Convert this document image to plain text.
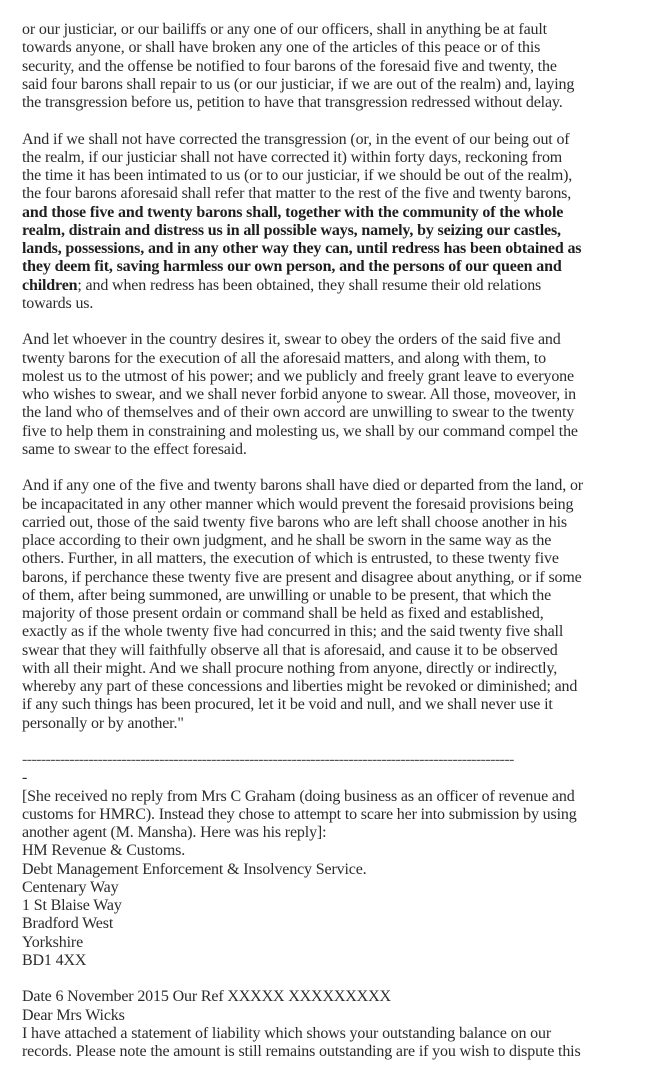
or our justiciar, or our bailiffs or any one of our officers, shall in anything be at fault
towards anyone, or shall have broken any one of the articles of this peace or of this
security, and the offense be notified to four barons of the foresaid five and twenty, the
said four barons shall repair to us (or our justiciar, if we are out of the realm) and, laying
the transgression before us, petition to have that transgression redressed without delay.
And if we shall not have corrected the transgression (or, in the event of our being out of
the realm, if our justiciar shall not have corrected it) within forty days, reckoning from
the time it has been intimated to us (or to our justiciar, if we should be out of the realm),
the four barons aforesaid shall refer that matter to the rest of the five and twenty barons,
and those five and twenty barons shall, together with the community of the whole
realm, distrain and distress us in all possible ways, namely, by seizing our castles,
lands, possessions, and in any other way they can, until redress has been obtained as
they deem fit, saving harmless our own person, and the persons of our queen and
children; and when redress has been obtained, they shall resume their old relations
towards us.
And let whoever in the country desires it, swear to obey the orders of the said five and
twenty barons for the execution of all the aforesaid matters, and along with them, to
molest us to the utmost of his power; and we publicly and freely grant leave to everyone
who wishes to swear, and we shall never forbid anyone to swear. All those, moveover, in
the land who of themselves and of their own accord are unwilling to swear to the twenty
five to help them in constraining and molesting us, we shall by our command compel the
same to swear to the effect foresaid.
And if any one of the five and twenty barons shall have died or departed from the land, or
be incapacitated in any other manner which would prevent the foresaid provisions being
carried out, those of the said twenty five barons who are left shall choose another in his
place according to their own judgment, and he shall be sworn in the same way as the
others. Further, in all matters, the execution of which is entrusted, to these twenty five
barons, if perchance these twenty five are present and disagree about anything, or if some
of them, after being summoned, are unwilling or unable to be present, that which the
majority of those present ordain or command shall be held as fixed and established,
exactly as if the whole twenty five had concurred in this; and the said twenty five shall
swear that they will faithfully observe all that is aforesaid, and cause it to be observed
with all their might. And we shall procure nothing from anyone, directly or indirectly,
whereby any part of these concessions and liberties might be revoked or diminished; and
if any such things has been procured, let it be void and null, and we shall never use it
personally or by another."
--------------------------------------------------------------------------------------------------------
-
[She received no reply from Mrs C Graham (doing business as an officer of revenue and
customs for HMRC). Instead they chose to attempt to scare her into submission by using
another agent (M. Mansha). Here was his reply]:
HM Revenue & Customs.
Debt Management Enforcement & Insolvency Service.
Centenary Way
1 St Blaise Way
Bradford West
Yorkshire
BD1 4XX
Date 6 November 2015 Our Ref XXXXX XXXXXXXXX
Dear Mrs Wicks
I have attached a statement of liability which shows your outstanding balance on our
records. Please note the amount is still remains outstanding are if you wish to dispute this
